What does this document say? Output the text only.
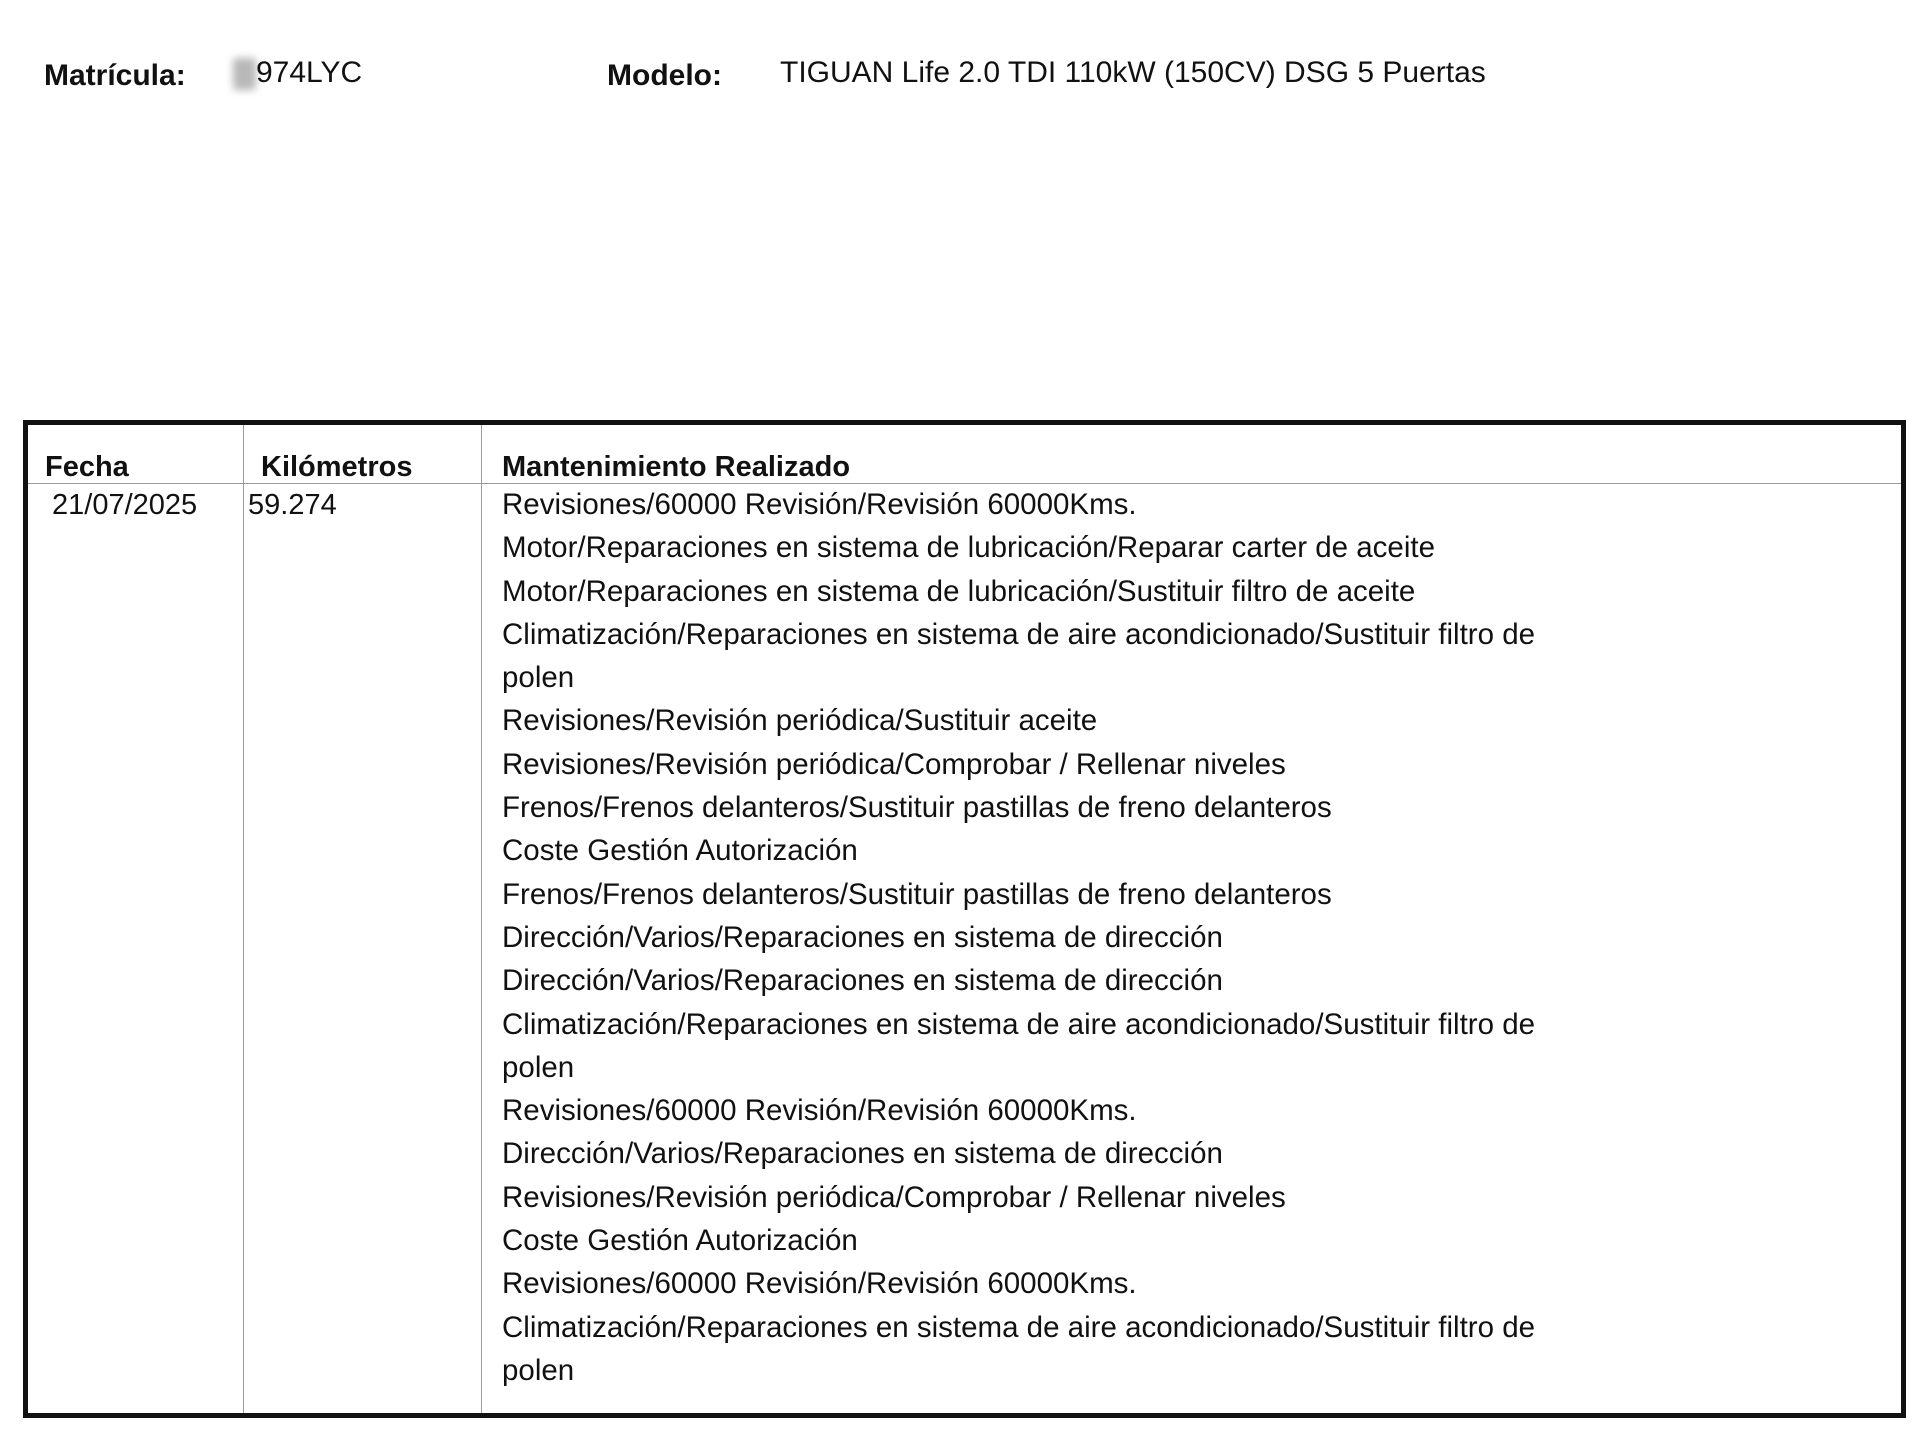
Matrícula: 974LYC	Modelo: TIGUAN Life 2.0 TDI 110kW (150CV) DSG 5 Puertas
Fecha	Kilómetros	Mantenimiento Realizado
21/07/2025 59.274	Revisiones/60000 Revisión/Revisión 60000Kms.
Motor/Reparaciones en sistema de lubricación/Reparar carter de aceite
Motor/Reparaciones en sistema de lubricación/Sustituir filtro de aceite
Climatización/Reparaciones en sistema de aire acondicionado/Sustituir filtro de
polen
Revisiones/Revisión periódica/Sustituir aceite
Revisiones/Revisión periódica/Comprobar / Rellenar niveles
Frenos/Frenos delanteros/Sustituir pastillas de freno delanteros
Coste Gestión Autorización
Frenos/Frenos delanteros/Sustituir pastillas de freno delanteros
Dirección/Varios/Reparaciones en sistema de dirección
Dirección/Varios/Reparaciones en sistema de dirección
Climatización/Reparaciones en sistema de aire acondicionado/Sustituir filtro de
polen
Revisiones/60000 Revisión/Revisión 60000Kms.
Dirección/Varios/Reparaciones en sistema de dirección
Revisiones/Revisión periódica/Comprobar / Rellenar niveles
Coste Gestión Autorización
Revisiones/60000 Revisión/Revisión 60000Kms.
Climatización/Reparaciones en sistema de aire acondicionado/Sustituir filtro de
polen
